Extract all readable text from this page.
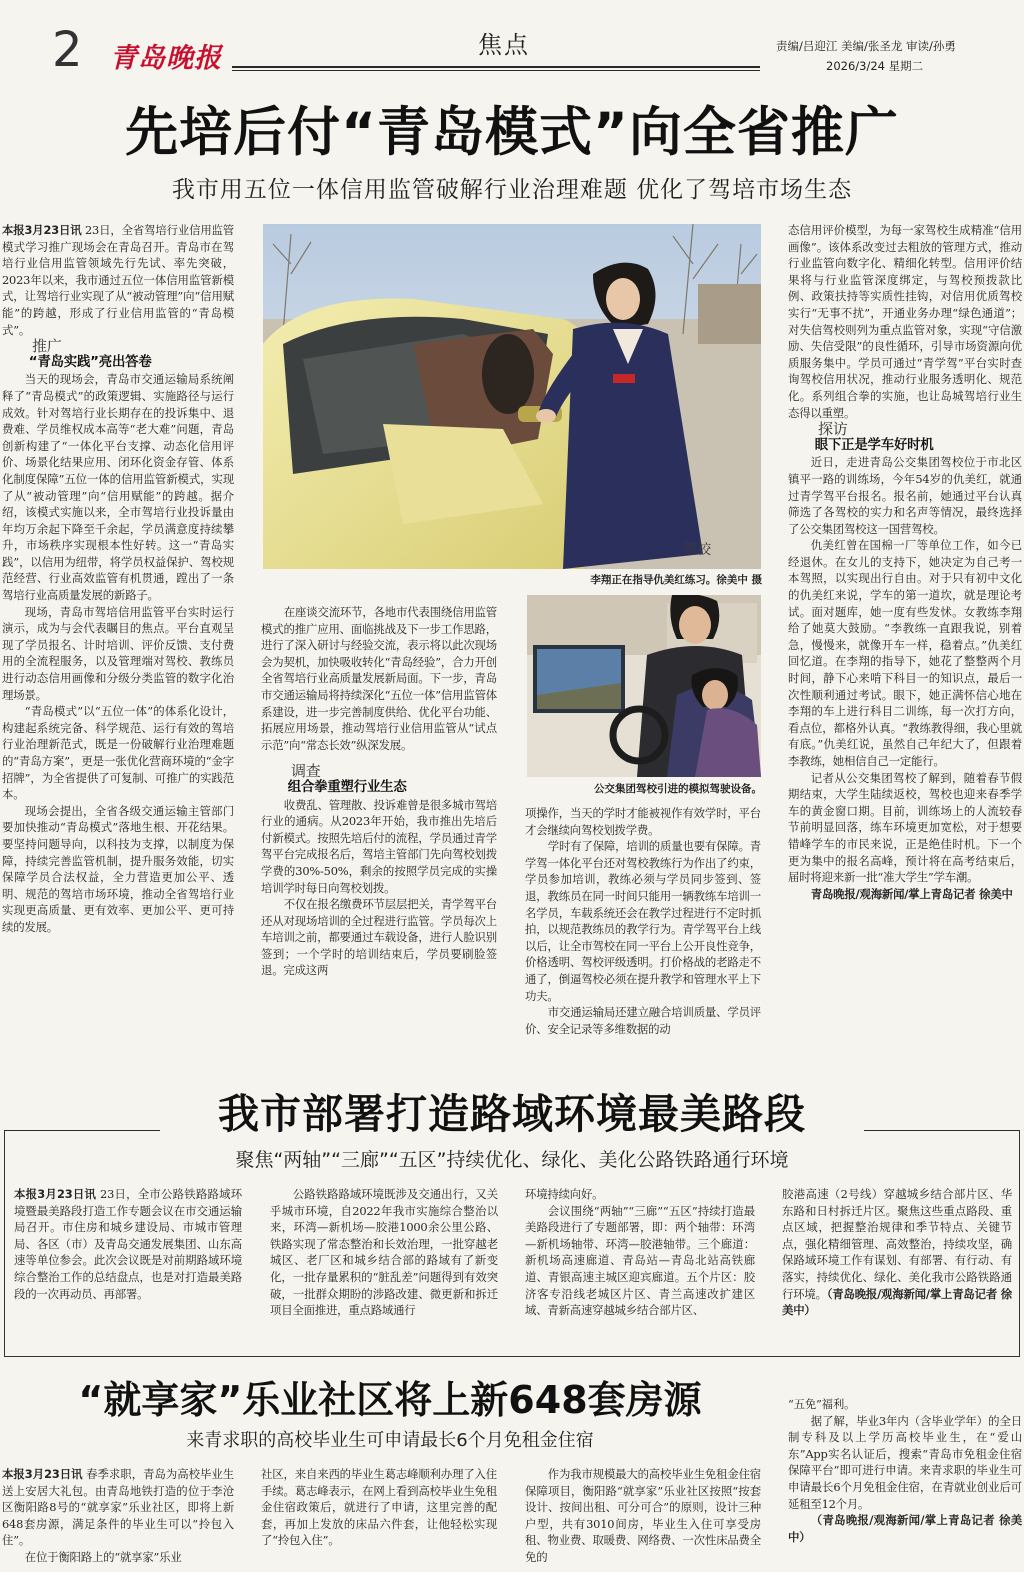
2 青岛晚报	焦点	责编/吕迎江 美编/张圣龙 审读/孙勇
2026/3/24 星期二
先培后付“青岛模式”向全省推广
我市用五位一体信用监管破解行业治理难题 优化了驾培市场生态

本报3月23日讯 23日，全省驾培行业信用监管模式学习推广现场会在青岛召开。青岛市在驾培行业信用监管领域先行先试、率先突破，2023年以来，我市通过五位一体信用监管新模式，让驾培行业实现了从“被动管理”向“信用赋能”的跨越，形成了行业信用监管的“青岛模式”。

推广

“青岛实践”亮出答卷

当天的现场会，青岛市交通运输局系统阐释了“青岛模式”的政策逻辑、实施路径与运行成效。针对驾培行业长期存在的投诉集中、退费难、学员维权成本高等“老大难”问题，青岛创新构建了“一体化平台支撑、动态化信用评价、场景化结果应用、闭环化资金存管、体系化制度保障”五位一体的信用监管新模式，实现了从“被动管理”向“信用赋能”的跨越。据介绍，该模式实施以来，全市驾培行业投诉量由年均万余起下降至千余起，学员满意度持续攀升，市场秩序实现根本性好转。这一“青岛实践”，以信用为纽带，将学员权益保护、驾校规范经营、行业高效监管有机贯通，蹚出了一条驾培行业高质量发展的新路子。

现场，青岛市驾培信用监管平台实时运行演示，成为与会代表瞩目的焦点。平台直观呈现了学员报名、计时培训、评价反馈、支付费用的全流程服务，以及管理端对驾校、教练员进行动态信用画像和分级分类监管的数字化治理场景。

“青岛模式”以“五位一体”的体系化设计，构建起系统完备、科学规范、运行有效的驾培行业治理新范式，既是一份破解行业治理难题的“青岛方案”，更是一张优化营商环境的“金字招牌”，为全省提供了可复制、可推广的实践范本。

现场会提出，全省各级交通运输主管部门要加快推动“青岛模式”落地生根、开花结果。要坚持问题导向，以科技为支撑，以制度为保障，持续完善监管机制，提升服务效能，切实保障学员合法权益，全力营造更加公平、透明、规范的驾培市场环境，推动全省驾培行业实现更高质量、更有效率、更加公平、更可持续的发展。

驾校
李翔正在指导仇美红练习。徐美中 摄

在座谈交流环节，各地市代表围绕信用监管模式的推广应用、面临挑战及下一步工作思路，进行了深入研讨与经验交流，表示将以此次现场会为契机，加快吸收转化“青岛经验”，合力开创全省驾培行业高质量发展新局面。下一步，青岛市交通运输局将持续深化“五位一体”信用监管体系建设，进一步完善制度供给、优化平台功能、拓展应用场景，推动驾培行业信用监管从“试点示范”向“常态长效”纵深发展。

调查

组合拳重塑行业生态

收费乱、管理散、投诉难曾是很多城市驾培行业的通病。从2023年开始，我市推出先培后付新模式。按照先培后付的流程，学员通过青学驾平台完成报名后，驾培主管部门先向驾校划拨学费的30%-50%，剩余的按照学员完成的实操培训学时每日向驾校划拨。

不仅在报名缴费环节层层把关，青学驾平台还从对现场培训的全过程进行监管。学员每次上车培训之前，都要通过车载设备，进行人脸识别签到；一个学时的培训结束后，学员要刷脸签退。完成这两

公交集团驾校引进的模拟驾驶设备。

项操作，当天的学时才能被视作有效学时，平台才会继续向驾校划拨学费。

学时有了保障，培训的质量也要有保障。青学驾一体化平台还对驾校教练行为作出了约束，学员参加培训，教练必须与学员同步签到、签退，教练员在同一时间只能用一辆教练车培训一名学员，车载系统还会在教学过程进行不定时抓拍，以规范教练员的教学行为。青学驾平台上线以后，让全市驾校在同一平台上公开良性竞争，价格透明、驾校评级透明。打价格战的老路走不通了，倒逼驾校必须在提升教学和管理水平上下功夫。

市交通运输局还建立融合培训质量、学员评价、安全记录等多维数据的动

态信用评价模型，为每一家驾校生成精准“信用画像”。该体系改变过去粗放的管理方式，推动行业监管向数字化、精细化转型。信用评价结果将与行业监管深度绑定，与驾校预拨款比例、政策扶持等实质性挂钩，对信用优质驾校实行“无事不扰”，开通业务办理“绿色通道”；对失信驾校则列为重点监管对象，实现“守信激励、失信受限”的良性循环，引导市场资源向优质服务集中。学员可通过“青学驾”平台实时查询驾校信用状况，推动行业服务透明化、规范化。系列组合拳的实施，也让岛城驾培行业生态得以重塑。

探访

眼下正是学车好时机

近日，走进青岛公交集团驾校位于市北区镇平一路的训练场，今年54岁的仇美红，就通过青学驾平台报名。报名前，她通过平台认真筛选了各驾校的实力和名声等情况，最终选择了公交集团驾校这一国营驾校。

仇美红曾在国棉一厂等单位工作，如今已经退休。在女儿的支持下，她决定为自己考一本驾照，以实现出行自由。对于只有初中文化的仇美红来说，学车的第一道坎，就是理论考试。面对题库，她一度有些发怵。女教练李翔给了她莫大鼓励。“李教练一直跟我说，别着急，慢慢来，就像开车一样，稳着点。”仇美红回忆道。在李翔的指导下，她花了整整两个月时间，静下心来啃下科目一的知识点，最后一次性顺利通过考试。眼下，她正满怀信心地在李翔的车上进行科目二训练，每一次打方向，看点位，都格外认真。“教练教得细，我心里就有底。”仇美红说，虽然自己年纪大了，但跟着李教练，她相信自己一定能行。

记者从公交集团驾校了解到，随着春节假期结束，大学生陆续返校，驾校也迎来春季学车的黄金窗口期。目前，训练场上的人流较春节前明显回落，练车环境更加宽松，对于想要错峰学车的市民来说，正是绝佳时机。下一个更为集中的报名高峰，预计将在高考结束后，届时将迎来新一批“准大学生”学车潮。

青岛晚报/观海新闻/掌上青岛记者 徐美中

我市部署打造路域环境最美路段
聚焦“两轴”“三廊”“五区”持续优化、绿化、美化公路铁路通行环境

本报3月23日讯 23日，全市公路铁路路域环境暨最美路段打造工作专题会议在市交通运输局召开。市住房和城乡建设局、市城市管理局、各区（市）及青岛交通发展集团、山东高速等单位参会。此次会议既是对前期路域环境综合整治工作的总结盘点，也是对打造最美路段的一次再动员、再部署。

公路铁路路域环境既涉及交通出行，又关乎城市环境，自2022年我市实施综合整治以来，环湾—新机场—胶港1000余公里公路、铁路实现了常态整治和长效治理，一批穿越老城区、老厂区和城乡结合部的路域有了新变化，一批存量累积的“脏乱差”问题得到有效突破，一批群众期盼的涉路改建、微更新和拆迁项目全面推进，重点路域通行

环境持续向好。

会议围绕“两轴”“三廊”“五区”持续打造最美路段进行了专题部署，即：两个轴带：环湾—新机场轴带、环湾—胶港轴带。三个廊道：新机场高速廊道、青岛站—青岛北站高铁廊道、青银高速主城区迎宾廊道。五个片区：胶济客专沿线老城区片区、青兰高速改扩建区域、青新高速穿越城乡结合部片区、

胶港高速（2号线）穿越城乡结合部片区、华东路和日村拆迁片区。聚焦这些重点路段、重点区域，把握整治规律和季节特点、关键节点，强化精细管理、高效整治，持续攻坚，确保路域环境工作有谋划、有部署、有行动、有落实，持续优化、绿化、美化我市公路铁路通行环境。（青岛晚报/观海新闻/掌上青岛记者 徐美中）

“就享家”乐业社区将上新648套房源
来青求职的高校毕业生可申请最长6个月免租金住宿

本报3月23日讯 春季求职，青岛为高校毕业生送上安居大礼包。由青岛地铁打造的位于李沧区衡阳路8号的“就享家”乐业社区，即将上新648套房源，满足条件的毕业生可以“拎包入住”。

在位于衡阳路上的“就享家”乐业

社区，来自来西的毕业生葛志峰顺利办理了入住手续。葛志峰表示，在网上看到高校毕业生免租金住宿政策后，就进行了申请，这里完善的配套，再加上发放的床品六件套，让他轻松实现了“拎包入住”。

作为我市规模最大的高校毕业生免租金住宿保障项目，衡阳路“就享家”乐业社区按照“按套设计、按间出租、可分可合”的原则，设计三种户型，共有3010间房，毕业生入住可享受房租、物业费、取暖费、网络费、一次性床品费全免的

“五免”福利。

据了解，毕业3年内（含毕业学年）的全日制专科及以上学历高校毕业生，在“爱山东”App实名认证后，搜索“青岛市免租金住宿保障平台”即可进行申请。来青求职的毕业生可申请最长6个月免租金住宿，在青就业创业后可延租至12个月。

（青岛晚报/观海新闻/掌上青岛记者 徐美中）
